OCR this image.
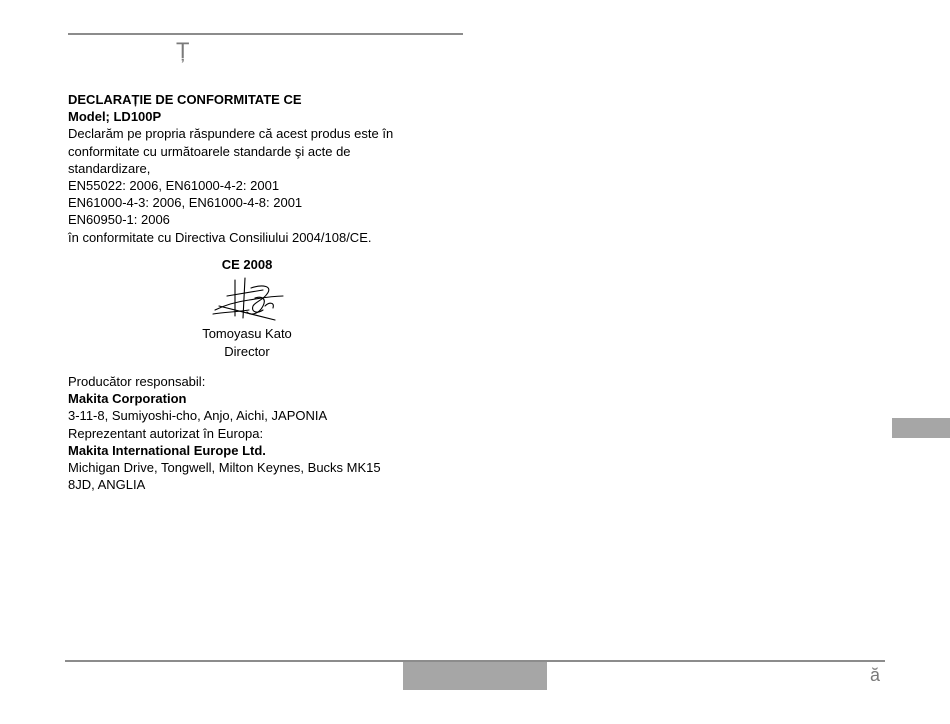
Ț
DECLARAȚIE DE CONFORMITATE CE
Model; LD100P
Declarăm pe propria răspundere că acest produs este în
conformitate cu următoarele standarde şi acte de
standardizare,
EN55022: 2006, EN61000-4-2: 2001
EN61000-4-3: 2006, EN61000-4-8: 2001
EN60950-1: 2006
în conformitate cu Directiva Consiliului 2004/108/CE.
CE 2008
Tomoyasu Kato
Director
Producător responsabil:
Makita Corporation
3-11-8, Sumiyoshi-cho, Anjo, Aichi, JAPONIA
Reprezentant autorizat în Europa:
Makita International Europe Ltd.
Michigan Drive, Tongwell, Milton Keynes, Bucks MK15
8JD, ANGLIA
ă
